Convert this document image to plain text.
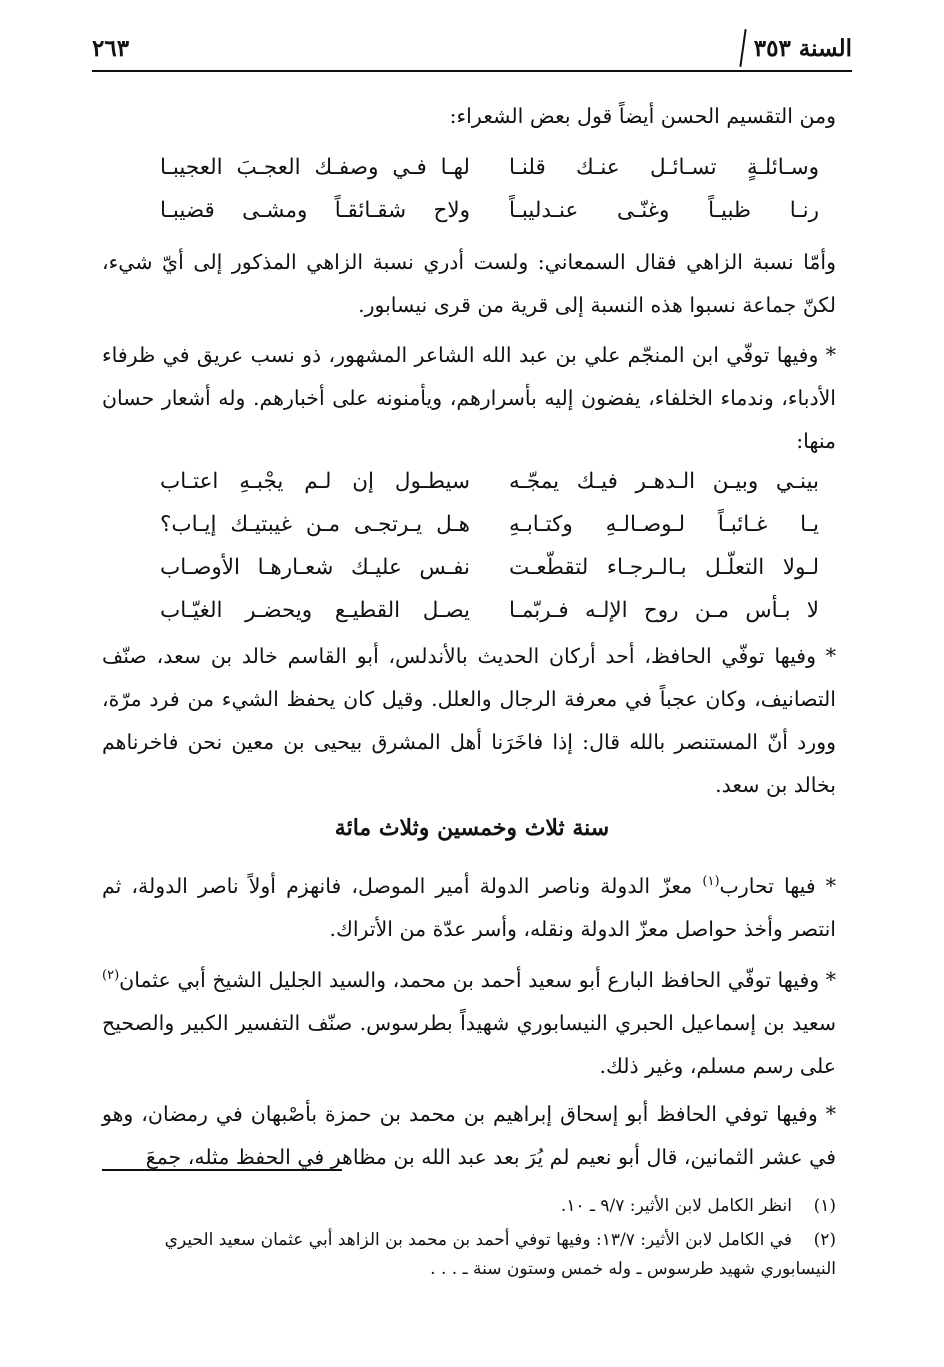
السنة ٣٥٣
٢٦٣
ومن التقسيم الحسن أيضاً قول بعض الشعراء:
وسـائلـةٍ تسـائـل عنـك قلنـا
لهـا فـي وصفـك العجـبَ العجيبـا
رنـا ظبيـاً وغنّـى عنـدليبـاً
ولاح شقـائقـاً ومشـى قضيبـا
وأمّا نسبة الزاهي فقال السمعاني: ولست أدري نسبة الزاهي المذكور إلى أيّ شيء، لكنّ جماعة نسبوا هذه النسبة إلى قرية من قرى نيسابور.
* وفيها توفّي ابن المنجّم علي بن عبد الله الشاعر المشهور، ذو نسب عريق في ظرفاء الأدباء، وندماء الخلفاء، يفضون إليه بأسرارهم، ويأمنونه على أخبارهم. وله أشعار حسان منها:
بينـي وبيـن الـدهـر فيـك يمجّـه
سيطـول إن لـم يجْبـهِ اعتـاب
يـا غـائبـاً لـوصـالـهِ وكتـابـهِ
هـل يـرتجـى مـن غيبتيـك إيـاب؟
لـولا التعلّـل بـالـرجـاء لتقطّعـت
نفـس عليـك شعـارهـا الأوصـاب
لا بـأس مـن روح الإلـه فـربّمـا
يصـل القطيـع ويحضـر الغيّـاب
* وفيها توفّي الحافظ، أحد أركان الحديث بالأندلس، أبو القاسم خالد بن سعد، صنّف التصانيف، وكان عجباً في معرفة الرجال والعلل. وقيل كان يحفظ الشيء من فرد مرّة، وورد أنّ المستنصر بالله قال: إذا فاخَرَنا أهل المشرق بيحيى بن معين نحن فاخرناهم بخالد بن سعد.
سنة ثلاث وخمسين وثلاث مائة
* فيها تحارب$^{(١)}$ معزّ الدولة وناصر الدولة أمير الموصل، فانهزم أولاً ناصر الدولة، ثم انتصر وأخذ حواصل معزّ الدولة ونقله، وأسر عدّة من الأتراك.
* وفيها توفّي الحافظ البارع أبو سعيد أحمد بن محمد، والسيد الجليل الشيخ أبي عثمان$^{(٢)}$ سعيد بن إسماعيل الحبري النيسابوري شهيداً بطرسوس. صنّف التفسير الكبير والصحيح على رسم مسلم، وغير ذلك.
* وفيها توفي الحافظ أبو إسحاق إبراهيم بن محمد بن حمزة بأصْبهان في رمضان، وهو في عشر الثمانين، قال أبو نعيم لم يُرَ بعد عبد الله بن مظاهر في الحفظ مثله، جمعَ
(١)انظر الكامل لابن الأثير: ٩/٧ ـ ١٠.
(٢)في الكامل لابن الأثير: ١٣/٧: وفيها توفي أحمد بن محمد بن الزاهد أبي عثمان سعيد الحيري النيسابوري شهيد طرسوس ـ وله خمس وستون سنة ـ . . .
